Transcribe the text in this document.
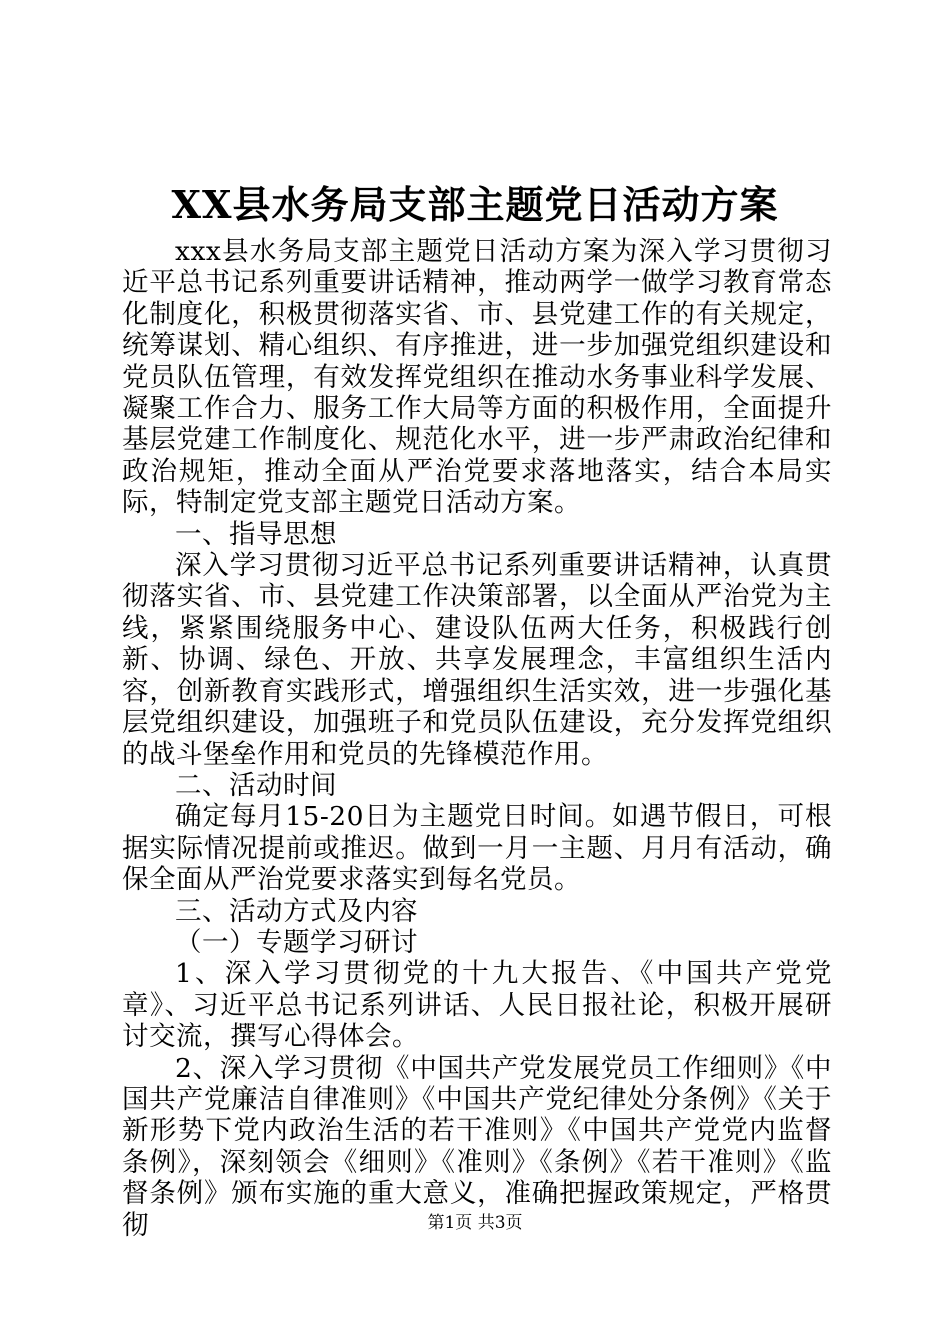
XX县水务局支部主题党日活动方案

xxx县水务局支部主题党日活动方案为深入学习贯彻习近平总书记系列重要讲话精神，推动两学一做学习教育常态化制度化，积极贯彻落实省、市、县党建工作的有关规定，统筹谋划、精心组织、有序推进，进一步加强党组织建设和党员队伍管理，有效发挥党组织在推动水务事业科学发展、凝聚工作合力、服务工作大局等方面的积极作用，全面提升基层党建工作制度化、规范化水平，进一步严肃政治纪律和政治规矩，推动全面从严治党要求落地落实，结合本局实际，特制定党支部主题党日活动方案。

一、指导思想

深入学习贯彻习近平总书记系列重要讲话精神，认真贯彻落实省、市、县党建工作决策部署，以全面从严治党为主线，紧紧围绕服务中心、建设队伍两大任务，积极践行创新、协调、绿色、开放、共享发展理念，丰富组织生活内容，创新教育实践形式，增强组织生活实效，进一步强化基层党组织建设，加强班子和党员队伍建设，充分发挥党组织的战斗堡垒作用和党员的先锋模范作用。

二、活动时间

确定每月15-20日为主题党日时间。如遇节假日，可根据实际情况提前或推迟。做到一月一主题、月月有活动，确保全面从严治党要求落实到每名党员。

三、活动方式及内容

（一）专题学习研讨

1、深入学习贯彻党的十九大报告、《中国共产党党章》、习近平总书记系列讲话、人民日报社论，积极开展研讨交流，撰写心得体会。

2、深入学习贯彻《中国共产党发展党员工作细则》《中国共产党廉洁自律准则》《中国共产党纪律处分条例》《关于新形势下党内政治生活的若干准则》《中国共产党党内监督条例》，深刻领会《细则》《准则》《条例》《若干准则》《监督条例》颁布实施的重大意义，准确把握政策规定，严格贯彻	第1页 共3页
